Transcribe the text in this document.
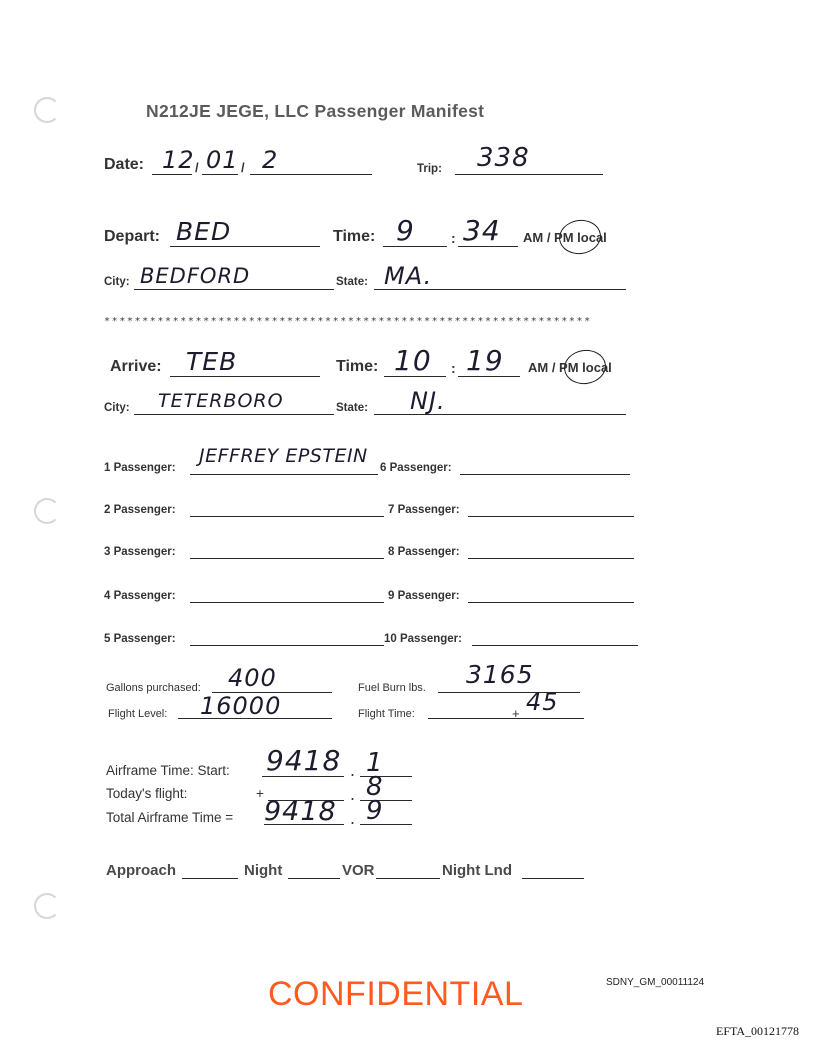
N212JE JEGE, LLC Passenger Manifest
Date: 12 / 01 / 2	Trip: 338
Depart: BED	Time: 9	: 34 AM / PM local
City: BEDFORD	State: MA.
****************************************************************
Arrive: TEB	Time: 10 : 19 AM / PM local
City: TETERBORO	State: NJ.
1 Passenger:
JEFFREY EPSTEIN
2 Passenger:
3 Passenger:
4 Passenger:
5 Passenger:
6 Passenger:
7 Passenger:
8 Passenger:
9 Passenger:
10 Passenger:
Gallons purchased: 400	Fuel Burn lbs. 3165
Flight Level: 16000	Flight Time:	+ 45
Airframe Time: Start: 9418 . 1
Today's flight:	+	. 8
Total Airframe Time = 9418 . 9
Approach	Night	VOR	Night Lnd
CONFIDENTIAL	SDNY_GM_00011124
EFTA_00121778
